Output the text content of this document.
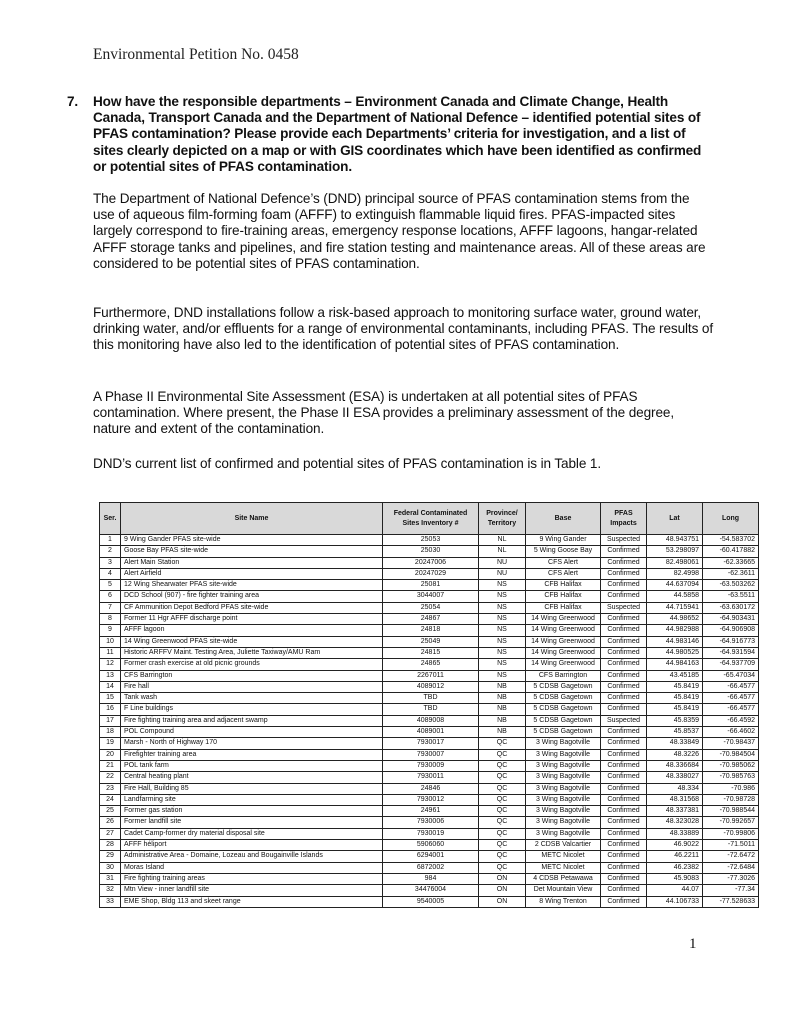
Environmental Petition No. 0458
7.	How have the responsible departments – Environment Canada and Climate Change, Health Canada, Transport Canada and the Department of National Defence – identified potential sites of PFAS contamination? Please provide each Departments’ criteria for investigation, and a list of sites clearly depicted on a map or with GIS coordinates which have been identified as confirmed or potential sites of PFAS contamination.
The Department of National Defence’s (DND) principal source of PFAS contamination stems from the use of aqueous film-forming foam (AFFF) to extinguish flammable liquid fires. PFAS-impacted sites largely correspond to fire-training areas, emergency response locations, AFFF lagoons, hangar-related AFFF storage tanks and pipelines, and fire station testing and maintenance areas. All of these areas are considered to be potential sites of PFAS contamination.
Furthermore, DND installations follow a risk-based approach to monitoring surface water, ground water, drinking water, and/or effluents for a range of environmental contaminants, including PFAS. The results of this monitoring have also led to the identification of potential sites of PFAS contamination.
A Phase II Environmental Site Assessment (ESA) is undertaken at all potential sites of PFAS contamination. Where present, the Phase II ESA provides a preliminary assessment of the degree, nature and extent of the contamination.
DND’s current list of confirmed and potential sites of PFAS contamination is in Table 1.
Ser.	Site Name	Federal Contaminated Sites Inventory #	Province/ Territory	Base	PFAS Impacts	Lat	Long
1	9 Wing Gander PFAS site-wide	25053	NL	9 Wing Gander	Suspected	48.943751	-54.583702
2	Goose Bay PFAS site-wide	25030	NL	5 Wing Goose Bay	Confirmed	53.298097	-60.417882
3	Alert Main Station	20247006	NU	CFS Alert	Confirmed	82.498061	-62.33665
4	Alert Airfield	20247029	NU	CFS Alert	Confirmed	82.4998	-62.3611
5	12 Wing Shearwater PFAS site-wide	25081	NS	CFB Halifax	Confirmed	44.637094	-63.503262
6	DCD School (907) - fire fighter training area	3044007	NS	CFB Halifax	Confirmed	44.5858	-63.5511
7	CF Ammunition Depot Bedford PFAS site-wide	25054	NS	CFB Halifax	Suspected	44.715941	-63.630172
8	Former 11 Hgr AFFF discharge point	24867	NS	14 Wing Greenwood	Confirmed	44.98652	-64.903431
9	AFFF lagoon	24818	NS	14 Wing Greenwood	Confirmed	44.982988	-64.906908
10	14 Wing Greenwood PFAS site-wide	25049	NS	14 Wing Greenwood	Confirmed	44.983146	-64.916773
11	Historic ARFFV Maint. Testing Area, Juliette Taxiway/AMU Ram	24815	NS	14 Wing Greenwood	Confirmed	44.980525	-64.931594
12	Former crash exercise at old picnic grounds	24865	NS	14 Wing Greenwood	Confirmed	44.984163	-64.937709
13	CFS Barrington	2267011	NS	CFS Barrington	Confirmed	43.45185	-65.47034
14	Fire hall	4089012	NB	5 CDSB Gagetown	Confirmed	45.8419	-66.4577
15	Tank wash	TBD	NB	5 CDSB Gagetown	Confirmed	45.8419	-66.4577
16	F Line buildings	TBD	NB	5 CDSB Gagetown	Confirmed	45.8419	-66.4577
17	Fire fighting training area and adjacent swamp	4089008	NB	5 CDSB Gagetown	Suspected	45.8359	-66.4592
18	POL Compound	4089001	NB	5 CDSB Gagetown	Confirmed	45.8537	-66.4602
19	Marsh - North of Highway 170	7930017	QC	3 Wing Bagotville	Confirmed	48.33849	-70.98437
20	Firefighter training area	7930007	QC	3 Wing Bagotville	Confirmed	48.3226	-70.984504
21	POL tank farm	7930009	QC	3 Wing Bagotville	Confirmed	48.336684	-70.985062
22	Central heating plant	7930011	QC	3 Wing Bagotville	Confirmed	48.338027	-70.985763
23	Fire Hall, Building 85	24846	QC	3 Wing Bagotville	Confirmed	48.334	-70.986
24	Landfarming site	7930012	QC	3 Wing Bagotville	Confirmed	48.31568	-70.98728
25	Former gas station	24961	QC	3 Wing Bagotville	Confirmed	48.337381	-70.988544
26	Former landfill site	7930006	QC	3 Wing Bagotville	Confirmed	48.323028	-70.992657
27	Cadet Camp-former dry material disposal site	7930019	QC	3 Wing Bagotville	Confirmed	48.33889	-70.99806
28	AFFF héliport	5906060	QC	2 CDSB Valcartier	Confirmed	46.9022	-71.5011
29	Administrative Area - Domaine, Lozeau and Bougainville Islands	6294001	QC	METC Nicolet	Confirmed	46.2211	-72.6472
30	Moras Island	6872002	QC	METC Nicolet	Confirmed	46.2382	-72.6484
31	Fire fighting training areas	984	ON	4 CDSB Petawawa	Confirmed	45.9083	-77.3026
32	Mtn View - inner landfill site	34476004	ON	Det Mountain View	Confirmed	44.07	-77.34
33	EME Shop, Bldg 113 and skeet range	9540005	ON	8 Wing Trenton	Confirmed	44.106733	-77.528633
1
